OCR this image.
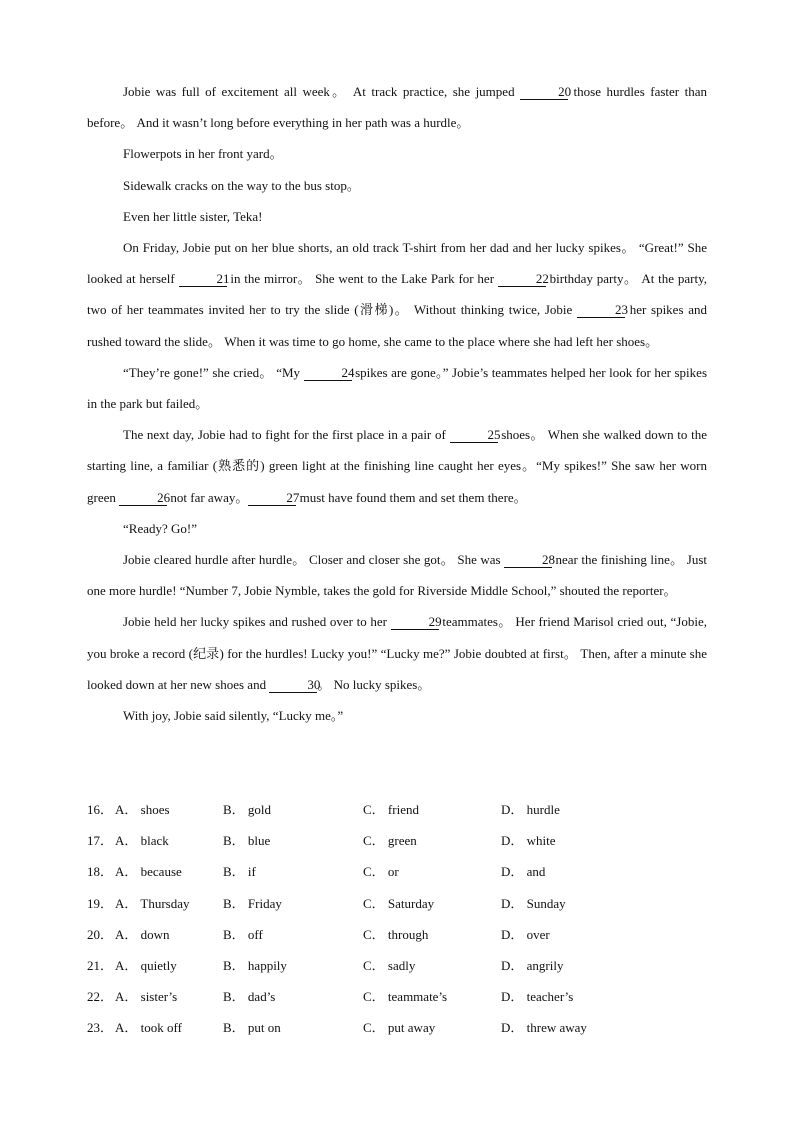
Jobie was full of excitement all week。 At track practice, she jumped	20 those hurdles faster than before。 And it wasn’t long before everything in her path was a hurdle。

Flowerpots in her front yard。

Sidewalk cracks on the way to the bus stop。

Even her little sister, Teka!

On Friday, Jobie put on her blue shorts, an old track T-shirt from her dad and her lucky spikes。 “Great!” She looked at herself	21 in the mirror。 She went to the Lake Park for her	22 birthday party。 At the party, two of her teammates invited her to try the slide (滑梯)。 Without thinking twice, Jobie	23 her spikes and rushed toward the slide。 When it was time to go home, she came to the place where she had left her shoes。

“They’re gone!” she cried。 “My	24 spikes are gone。” Jobie’s teammates helped her look for her spikes in the park but failed。

The next day, Jobie had to fight for the first place in a pair of	25 shoes。 When she walked down to the starting line, a familiar (熟悉的) green light at the finishing line caught her eyes。“My spikes!” She saw her worn green	26 not far away。	27 must have found them and set them there。

“Ready? Go!”

Jobie cleared hurdle after hurdle。 Closer and closer she got。 She was	28 near the finishing line。 Just one more hurdle! “Number 7, Jobie Nymble, takes the gold for Riverside Middle School,” shouted the reporter。

Jobie held her lucky spikes and rushed over to her	29 teammates。 Her friend Marisol cried out, “Jobie, you broke a record (纪录) for the hurdles! Lucky you!” “Lucky me?” Jobie doubted at first。 Then, after a minute she looked down at her new shoes and	30。 No lucky spikes。

With joy, Jobie said silently, “Lucky me。”

16． A． shoes	B． gold	C． friend	D． hurdle
17． A． black	B． blue	C． green	D． white
18． A． because	B． if	C． or	D． and
19． A． Thursday	B． Friday	C． Saturday	D． Sunday
20． A． down	B． off	C． through	D． over
21． A． quietly	B． happily	C． sadly	D． angrily
22． A． sister’s	B． dad’s	C． teammate’s	D． teacher’s
23． A． took off	B． put on	C． put away	D． threw away
